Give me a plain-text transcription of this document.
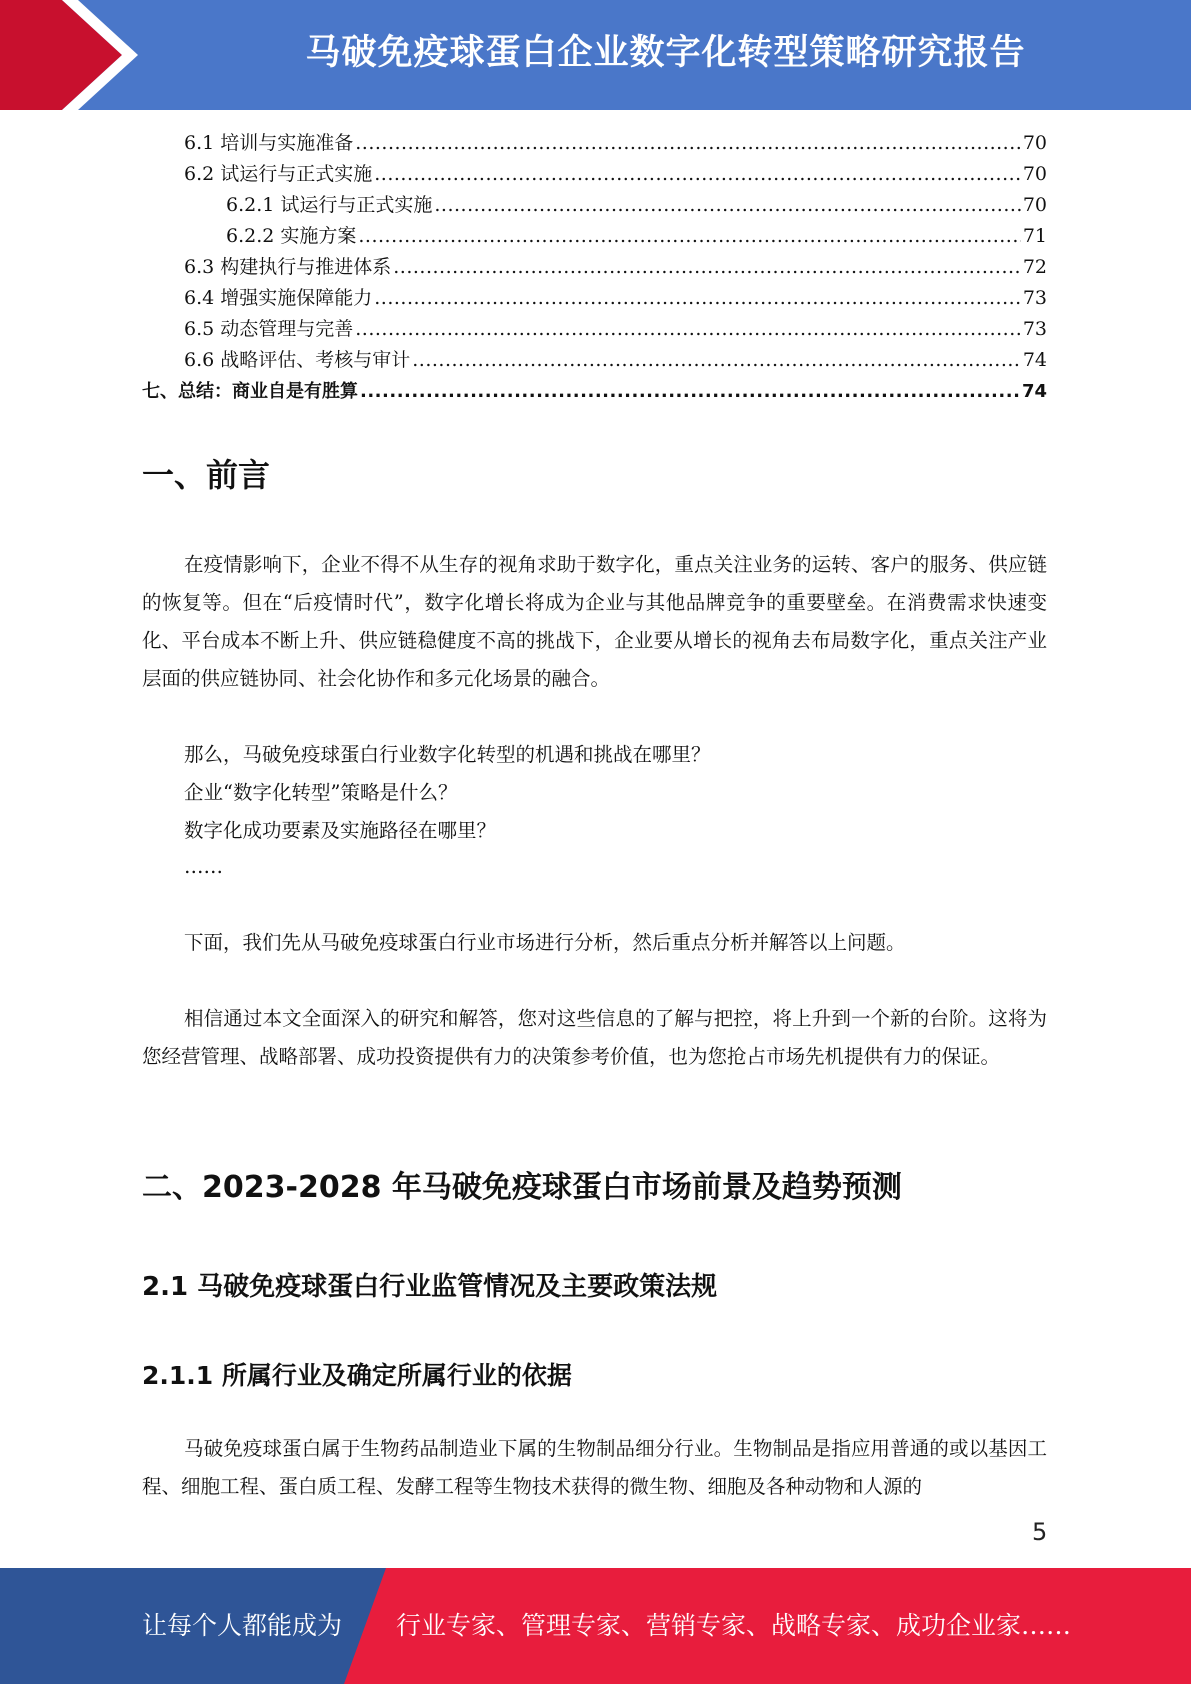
马破免疫球蛋白企业数字化转型策略研究报告
6.1 培训与实施准备 .....	70
6.2 试运行与正式实施 .....	70
6.2.1 试运行与正式实施 .....	70
6.2.2 实施方案 .....	71
6.3 构建执行与推进体系 .....	72
6.4 增强实施保障能力 .....	73
6.5 动态管理与完善 .....	73
6.6 战略评估、考核与审计 .....	74
七、总结：商业自是有胜算 .....	74
一、前言

在疫情影响下，企业不得不从生存的视角求助于数字化，重点关注业务的运转、客户的服务、供应链的恢复等。但在“后疫情时代”，数字化增长将成为企业与其他品牌竞争的重要壁垒。在消费需求快速变化、平台成本不断上升、供应链稳健度不高的挑战下，企业要从增长的视角去布局数字化，重点关注产业层面的供应链协同、社会化协作和多元化场景的融合。

那么，马破免疫球蛋白行业数字化转型的机遇和挑战在哪里？

企业“数字化转型”策略是什么？

数字化成功要素及实施路径在哪里？

……

下面，我们先从马破免疫球蛋白行业市场进行分析，然后重点分析并解答以上问题。

相信通过本文全面深入的研究和解答，您对这些信息的了解与把控，将上升到一个新的台阶。这将为您经营管理、战略部署、成功投资提供有力的决策参考价值，也为您抢占市场先机提供有力的保证。

二、2023-2028 年马破免疫球蛋白市场前景及趋势预测
2.1 马破免疫球蛋白行业监管情况及主要政策法规
2.1.1 所属行业及确定所属行业的依据

马破免疫球蛋白属于生物药品制造业下属的生物制品细分行业。生物制品是指应用普通的或以基因工程、细胞工程、蛋白质工程、发酵工程等生物技术获得的微生物、细胞及各种动物和人源的

5
让每个人都能成为 行业专家、管理专家、营销专家、战略专家、成功企业家……
